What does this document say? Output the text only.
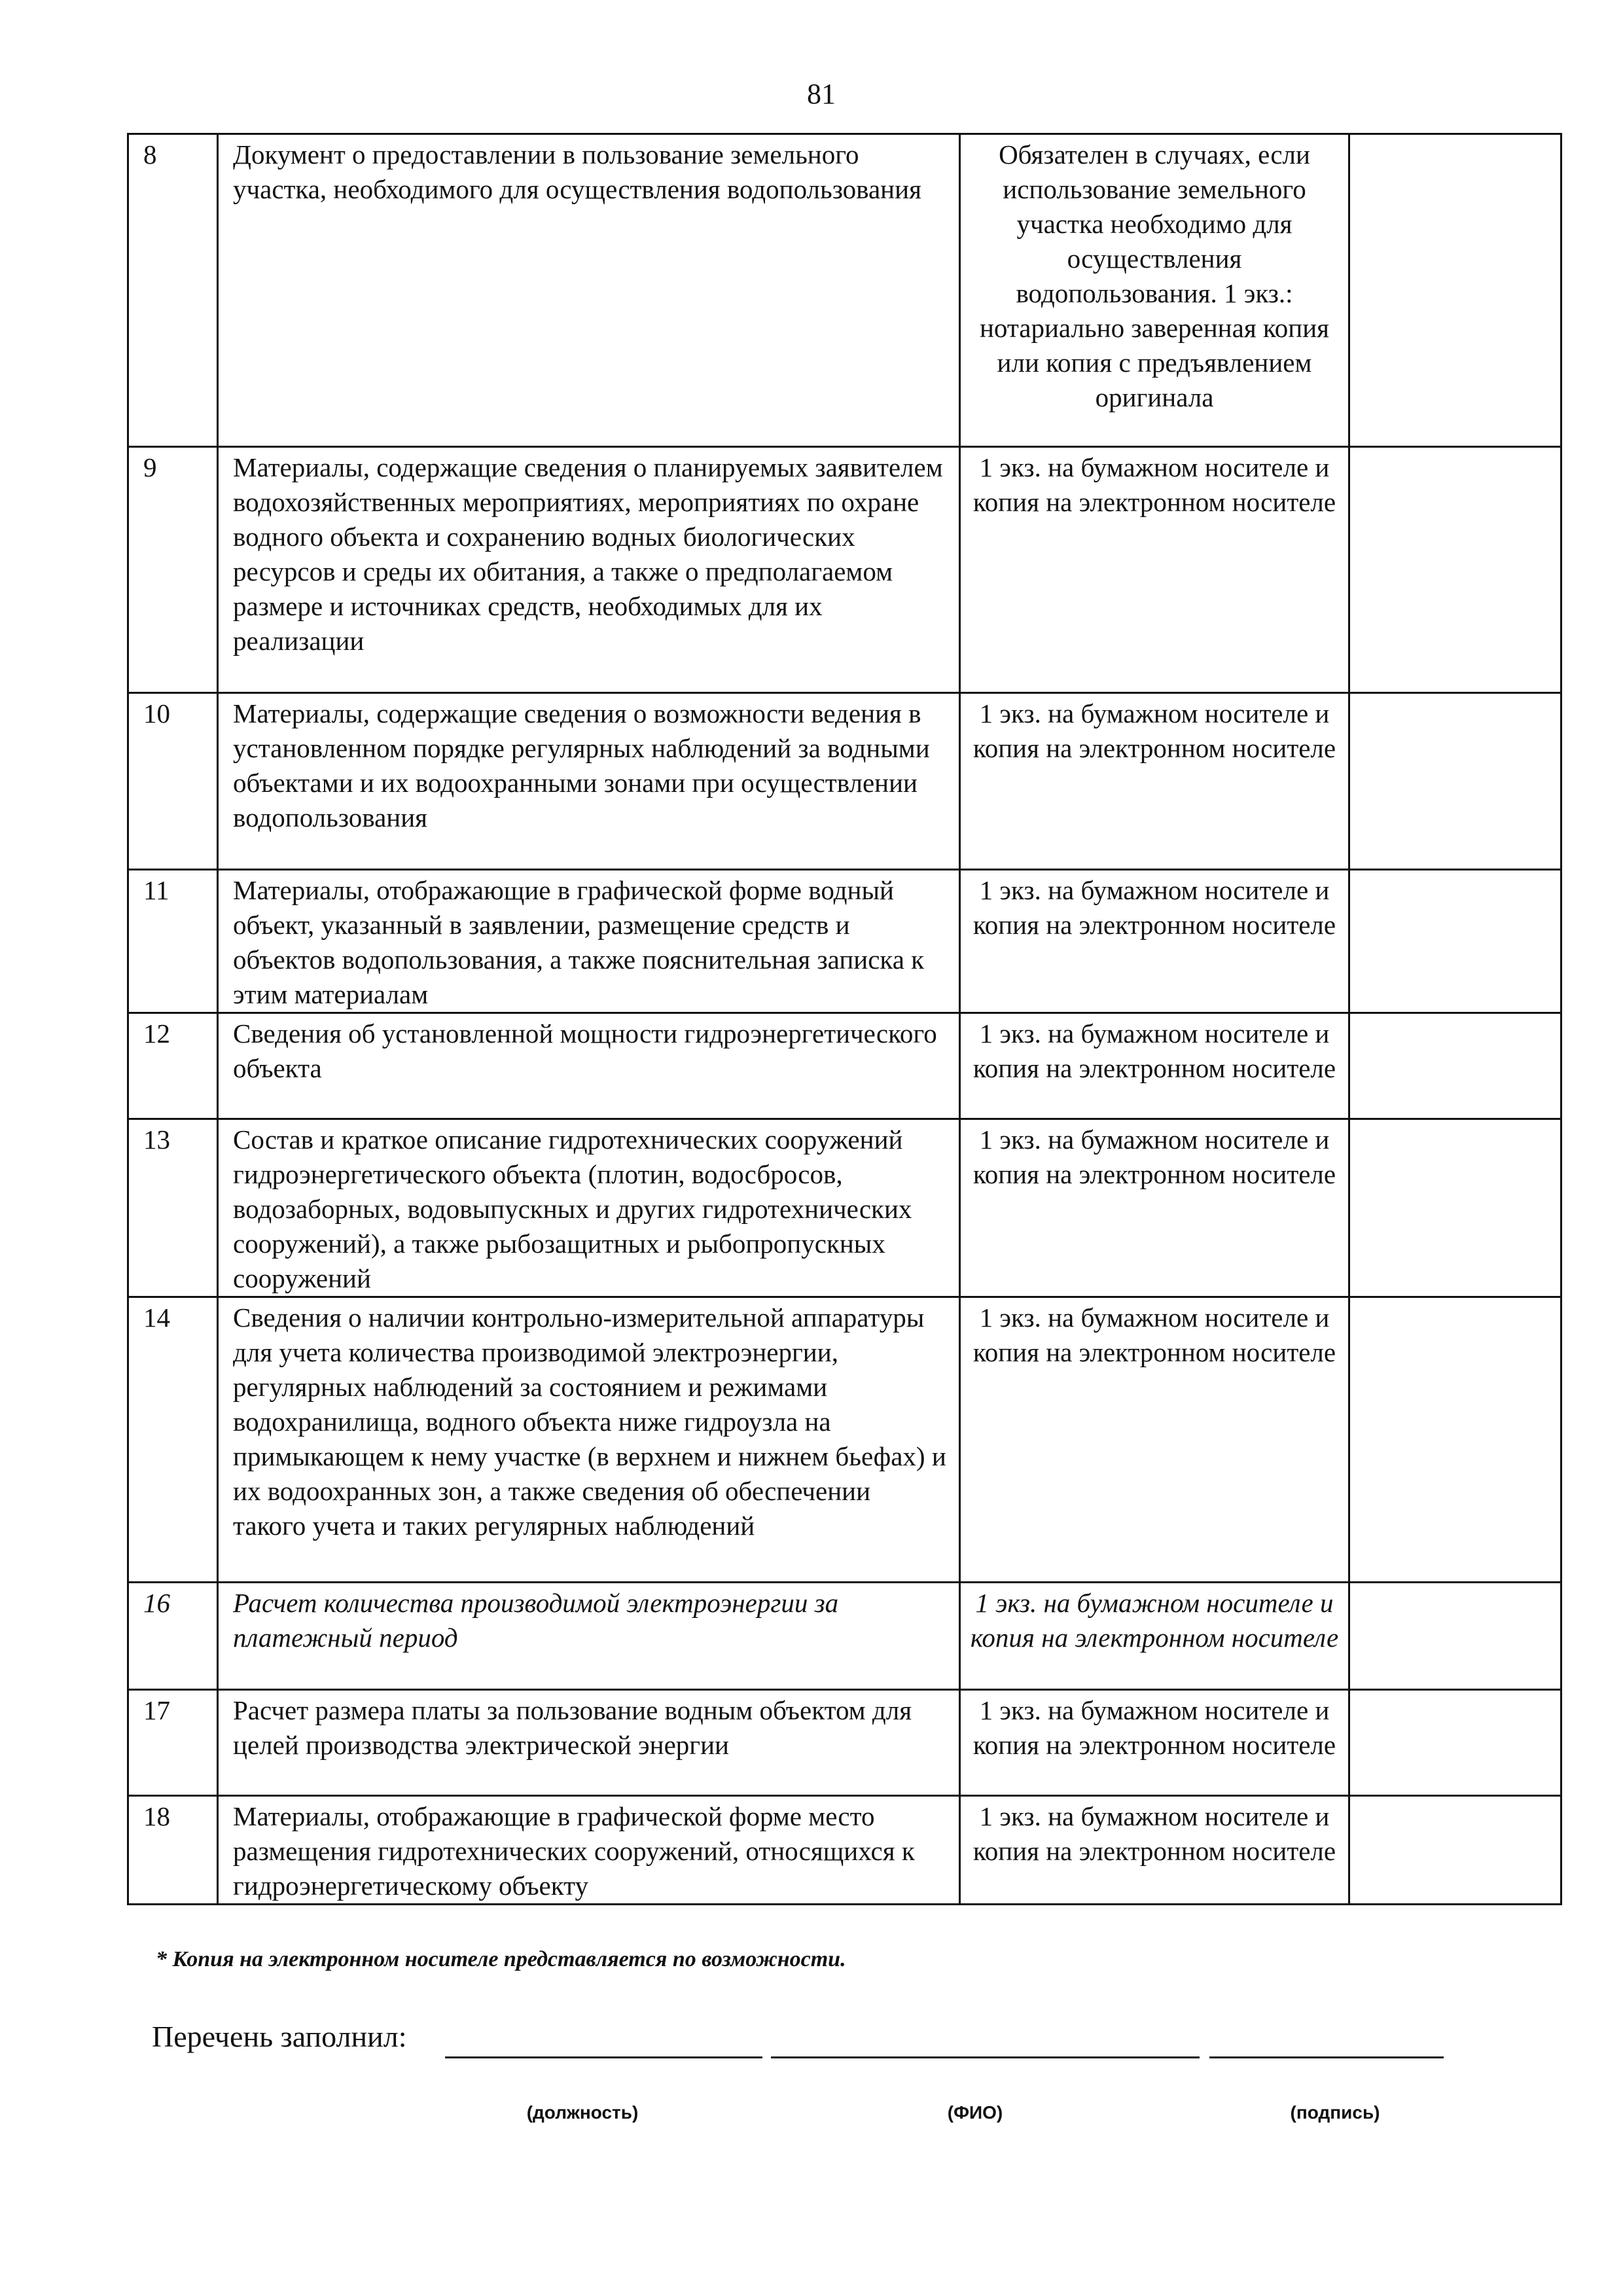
81
8	Документ о предоставлении в пользование земельного участка, необходимого для осуществления водопользования	Обязателен в случаях, если использование земельного участка необходимо для осуществления водопользования. 1 экз.: нотариально заверенная копия или копия с предъявлением оригинала	
9	Материалы, содержащие сведения о планируемых заявителем водохозяйственных мероприятиях, мероприятиях по охране водного объекта и сохранению водных биологических ресурсов и среды их обитания, а также о предполагаемом размере и источниках средств, необходимых для их реализации	1 экз. на бумажном носителе и копия на электронном носителе	
10	Материалы, содержащие сведения о возможности ведения в установленном порядке регулярных наблюдений за водными объектами и их водоохранными зонами при осуществлении водопользования	1 экз. на бумажном носителе и копия на электронном носителе	
11	Материалы, отображающие в графической форме водный объект, указанный в заявлении, размещение средств и объектов водопользования, а также пояснительная записка к этим материалам	1 экз. на бумажном носителе и копия на электронном носителе	
12	Сведения об установленной мощности гидроэнергетического объекта	1 экз. на бумажном носителе и копия на электронном носителе	
13	Состав и краткое описание гидротехнических сооружений гидроэнергетического объекта (плотин, водосбросов, водозаборных, водовыпускных и других гидротехнических сооружений), а также рыбозащитных и рыбопропускных сооружений	1 экз. на бумажном носителе и копия на электронном носителе	
14	Сведения о наличии контрольно-измерительной аппаратуры для учета количества производимой электроэнергии, регулярных наблюдений за состоянием и режимами водохранилища, водного объекта ниже гидроузла на примыкающем к нему участке (в верхнем и нижнем бьефах) и их водоохранных зон, а также сведения об обеспечении такого учета и таких регулярных наблюдений	1 экз. на бумажном носителе и копия на электронном носителе	
16	Расчет количества производимой электроэнергии за платежный период	1 экз. на бумажном носителе и копия на электронном носителе	
17	Расчет размера платы за пользование водным объектом для целей производства электрической энергии	1 экз. на бумажном носителе и копия на электронном носителе	
18	Материалы, отображающие в графической форме место размещения гидротехнических сооружений, относящихся к гидроэнергетическому объекту	1 экз. на бумажном носителе и копия на электронном носителе	
* Копия на электронном носителе представляется по возможности.
Перечень заполнил:
(должность)	(ФИО)	(подпись)
